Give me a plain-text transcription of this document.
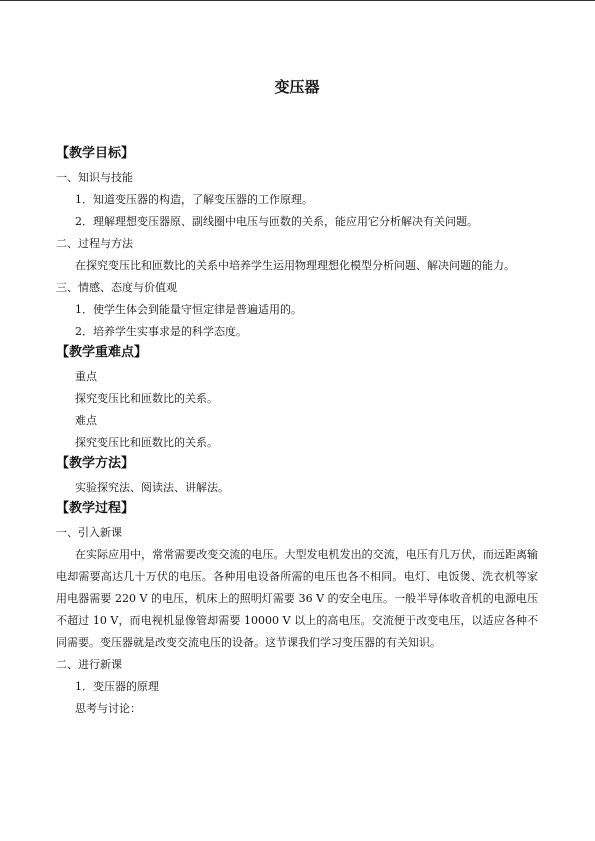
变压器
【教学目标】

一、知识与技能

1．知道变压器的构造，了解变压器的工作原理。

2．理解理想变压器原、副线圈中电压与匝数的关系，能应用它分析解决有关问题。

二、过程与方法

在探究变压比和匝数比的关系中培养学生运用物理理想化模型分析问题、解决问题的能力。

三、情感、态度与价值观

1．使学生体会到能量守恒定律是普遍适用的。

2．培养学生实事求是的科学态度。

【教学重难点】

重点

探究变压比和匝数比的关系。

难点

探究变压比和匝数比的关系。

【教学方法】

实验探究法、阅读法、讲解法。

【教学过程】

一、引入新课

在实际应用中，常常需要改变交流的电压。大型发电机发出的交流，电压有几万伏，而远距离输电却需要高达几十万伏的电压。各种用电设备所需的电压也各不相同。电灯、电饭煲、洗衣机等家用电器需要 220 V 的电压，机床上的照明灯需要 36 V 的安全电压。一般半导体收音机的电源电压不超过 10 V，而电视机显像管却需要 10000 V 以上的高电压。交流便于改变电压，以适应各种不同需要。变压器就是改变交流电压的设备。这节课我们学习变压器的有关知识。

二、进行新课

1．变压器的原理

思考与讨论：
